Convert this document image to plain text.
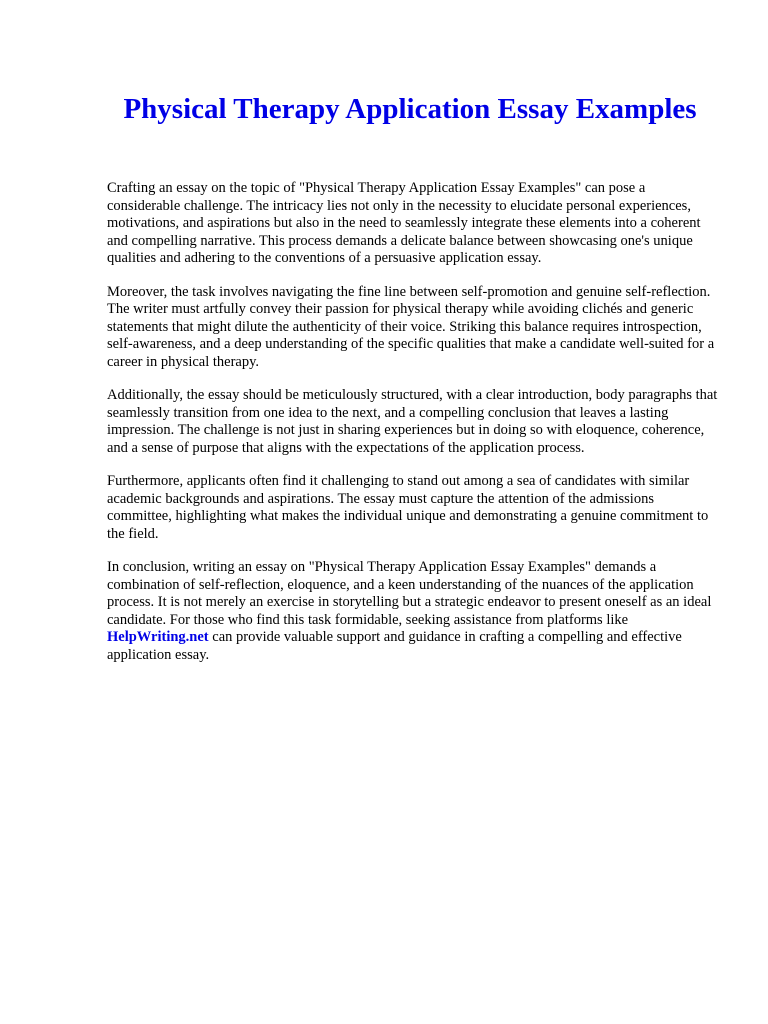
Physical Therapy Application Essay Examples

Crafting an essay on the topic of "Physical Therapy Application Essay Examples" can pose a considerable challenge. The intricacy lies not only in the necessity to elucidate personal experiences, motivations, and aspirations but also in the need to seamlessly integrate these elements into a coherent and compelling narrative. This process demands a delicate balance between showcasing one's unique qualities and adhering to the conventions of a persuasive application essay.

Moreover, the task involves navigating the fine line between self-promotion and genuine self-reflection. The writer must artfully convey their passion for physical therapy while avoiding clichés and generic statements that might dilute the authenticity of their voice. Striking this balance requires introspection, self-awareness, and a deep understanding of the specific qualities that make a candidate well-suited for a career in physical therapy.

Additionally, the essay should be meticulously structured, with a clear introduction, body paragraphs that seamlessly transition from one idea to the next, and a compelling conclusion that leaves a lasting impression. The challenge is not just in sharing experiences but in doing so with eloquence, coherence, and a sense of purpose that aligns with the expectations of the application process.

Furthermore, applicants often find it challenging to stand out among a sea of candidates with similar academic backgrounds and aspirations. The essay must capture the attention of the admissions committee, highlighting what makes the individual unique and demonstrating a genuine commitment to the field.

In conclusion, writing an essay on "Physical Therapy Application Essay Examples" demands a combination of self-reflection, eloquence, and a keen understanding of the nuances of the application process. It is not merely an exercise in storytelling but a strategic endeavor to present oneself as an ideal candidate. For those who find this task formidable, seeking assistance from platforms like HelpWriting.net can provide valuable support and guidance in crafting a compelling and effective application essay.
